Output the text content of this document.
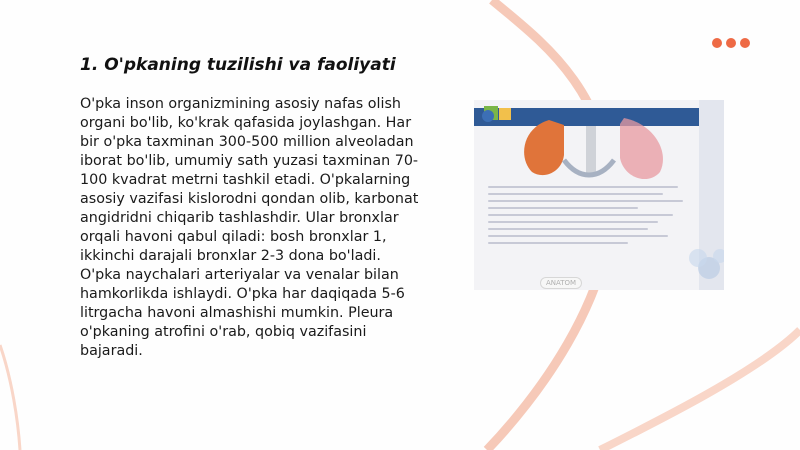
1. O'pkaning tuzilishi va faoliyati
O'pka inson organizmining asosiy nafas olish organi bo'lib, ko'krak qafasida joylashgan. Har bir o'pka taxminan 300-500 million alveoladan iborat bo'lib, umumiy sath yuzasi taxminan 70-100 kvadrat metrni tashkil etadi. O'pkalarning asosiy vazifasi kislorodni qondan olib, karbonat angidridni chiqarib tashlashdir. Ular bronxlar orqali havoni qabul qiladi: bosh bronxlar 1, ikkinchi darajali bronxlar 2-3 dona bo'ladi. O'pka naychalari arteriyalar va venalar bilan hamkorlikda ishlaydi. O'pka har daqiqada 5-6 litrgacha havoni almashishi mumkin. Pleura o'pkaning atrofini o'rab, qobiq vazifasini bajaradi.
ANATOM
